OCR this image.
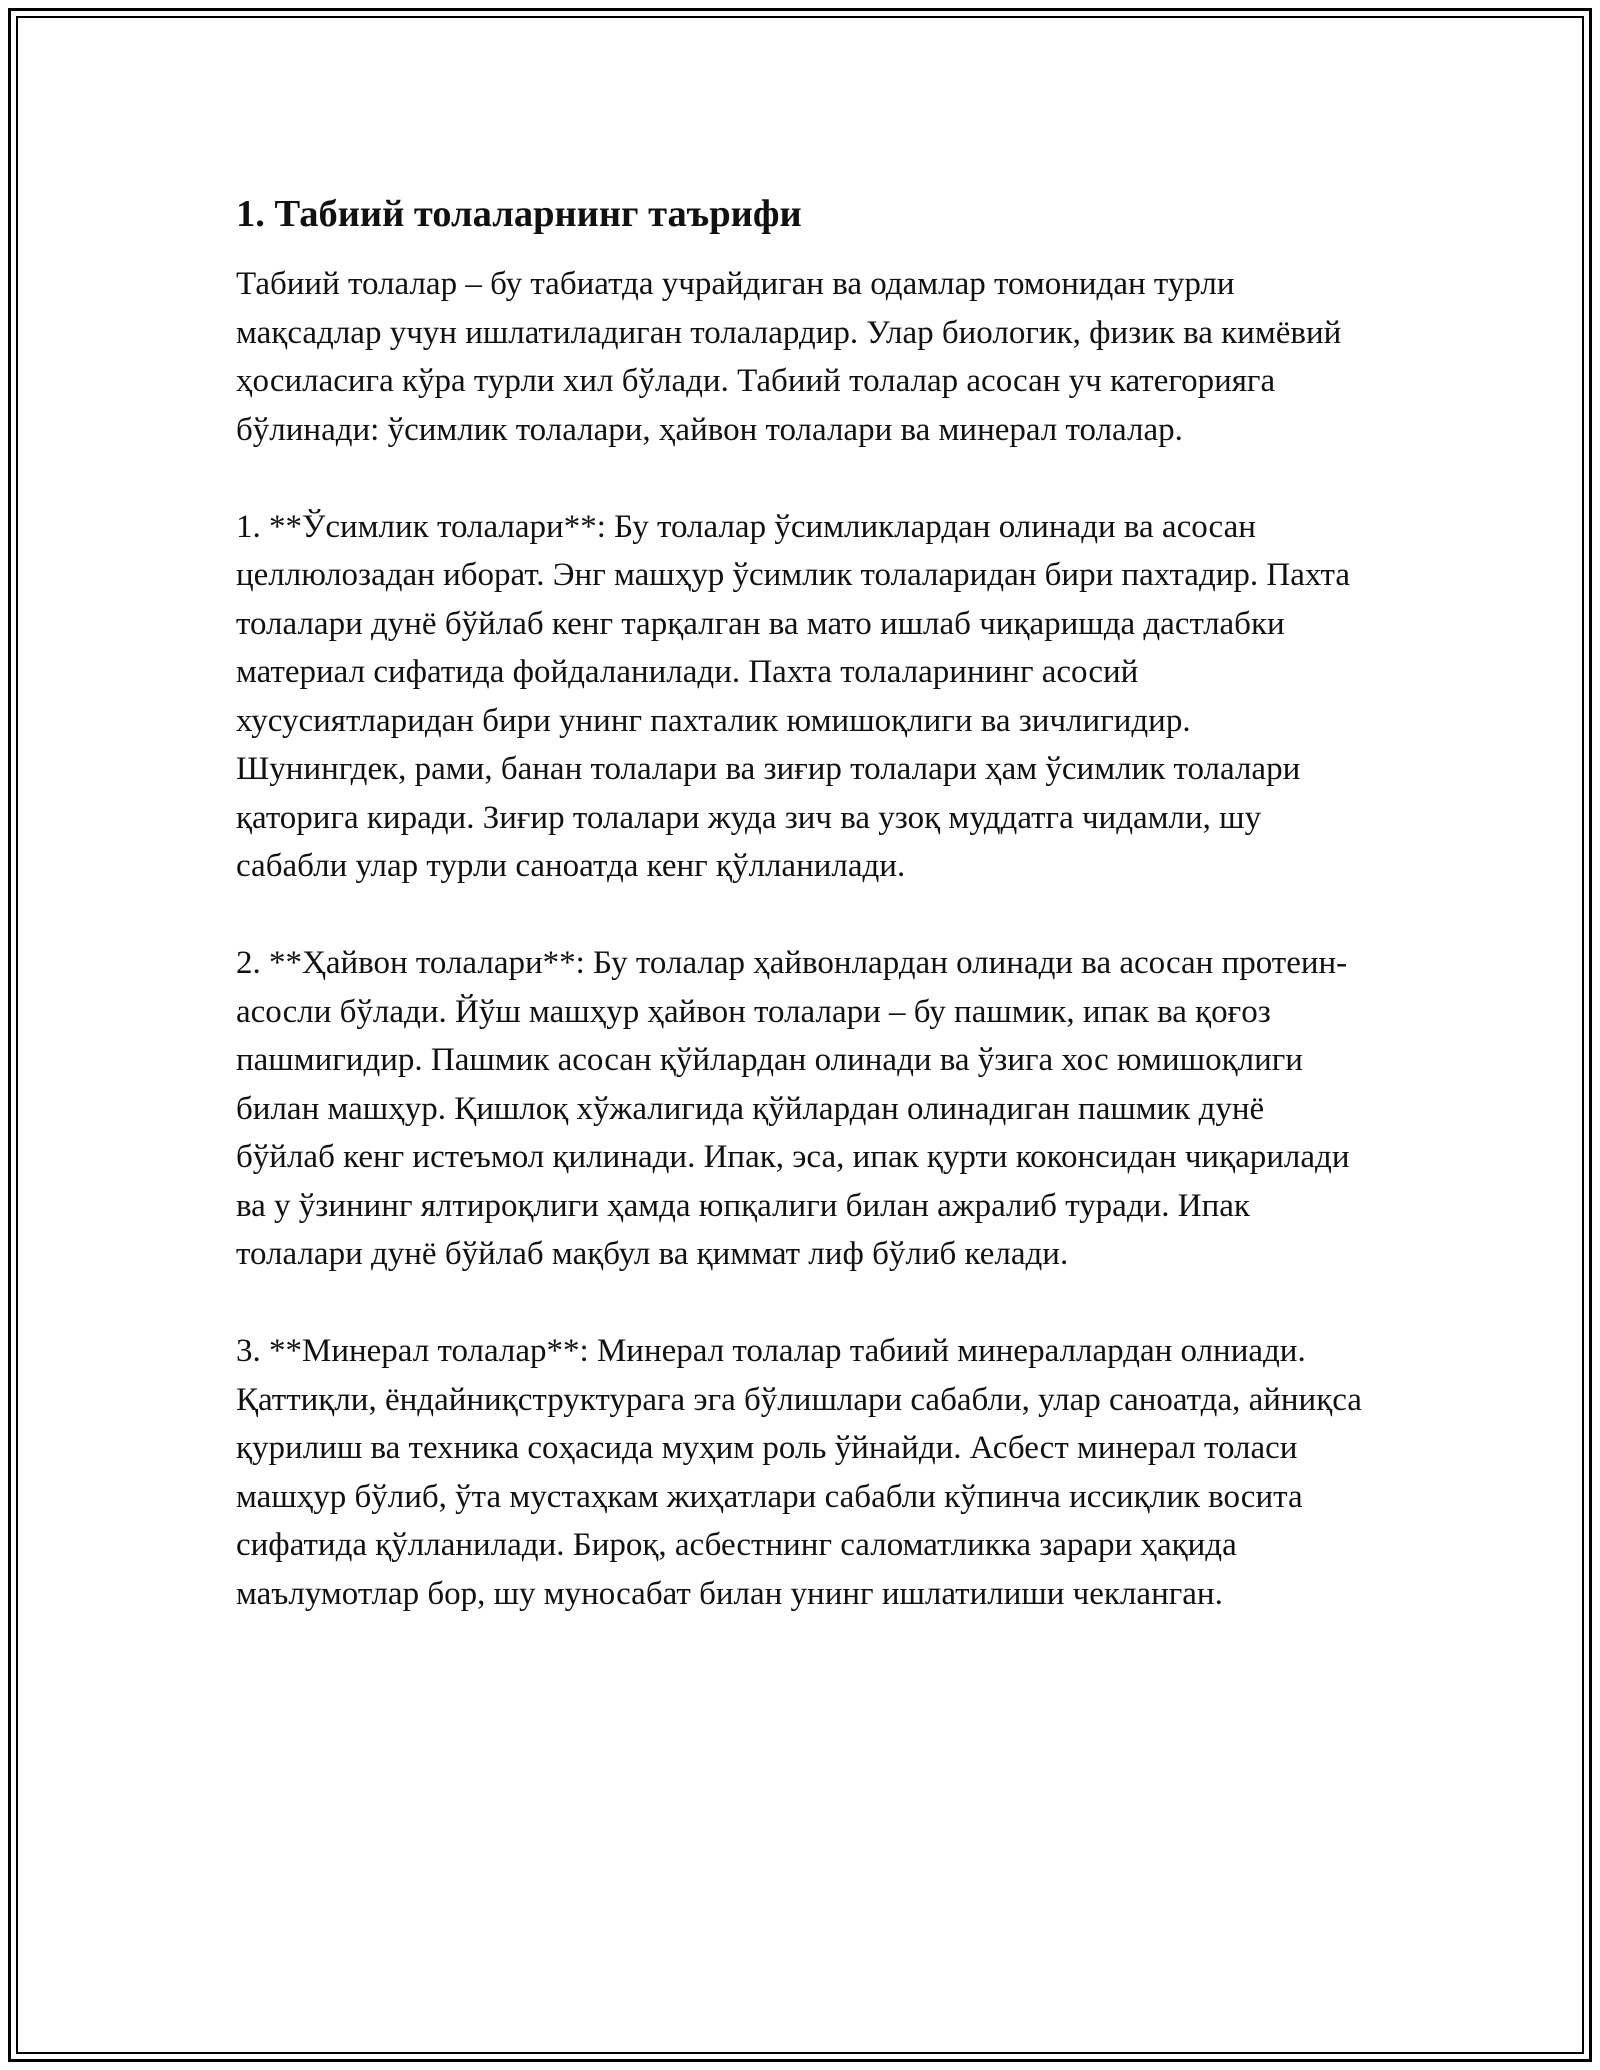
1. Табиий толаларнинг таърифи

Табиий толалар – бу табиатда учрайдиган ва одамлар томонидан турли мақсадлар учун ишлатиладиган толалардир. Улар биологик, физик ва кимёвий ҳосиласига кўра турли хил бўлади. Табиий толалар асосан уч категорияга бўлинади: ўсимлик толалари, ҳайвон толалари ва минерал толалар.

1. **Ўсимлик толалари**: Бу толалар ўсимликлардан олинади ва асосан целлюлозадан иборат. Энг машҳур ўсимлик толаларидан бири пахтадир. Пахта толалари дунё бўйлаб кенг тарқалган ва мато ишлаб чиқаришда дастлабки материал сифатида фойдаланилади. Пахта толаларининг асосий хусусиятларидан бири унинг пахталик юмишоқлиги ва зичлигидир. Шунингдек, рами, банан толалари ва зиғир толалари ҳам ўсимлик толалари қаторига киради. Зиғир толалари жуда зич ва узоқ муддатга чидамли, шу сабабли улар турли саноатда кенг қўлланилади.

2. **Ҳайвон толалари**: Бу толалар ҳайвонлардан олинади ва асосан протеин-асосли бўлади. Йўш машҳур ҳайвон толалари – бу пашмик, ипак ва қоғоз пашмигидир. Пашмик асосан қўйлардан олинади ва ўзига хос юмишоқлиги билан машҳур. Қишлоқ хўжалигида қўйлардан олинадиган пашмик дунё бўйлаб кенг истеъмол қилинади. Ипак, эса, ипак қурти коконсидан чиқарилади ва у ўзининг ялтироқлиги ҳамда юпқалиги билан ажралиб туради. Ипак толалари дунё бўйлаб мақбул ва қиммат лиф бўлиб келади.

3. **Минерал толалар**: Минерал толалар табиий минераллардан олниади. Қаттиқли, ёндайниқструктурага эга бўлишлари сабабли, улар саноатда, айниқса қурилиш ва техника соҳасида муҳим роль ўйнайди. Асбест минерал толаси машҳур бўлиб, ўта мустаҳкам жиҳатлари сабабли кўпинча иссиқлик восита сифатида қўлланилади. Бироқ, асбестнинг саломатликка зарари ҳақида маълумотлар бор, шу муносабат билан унинг ишлатилиши чекланган.
